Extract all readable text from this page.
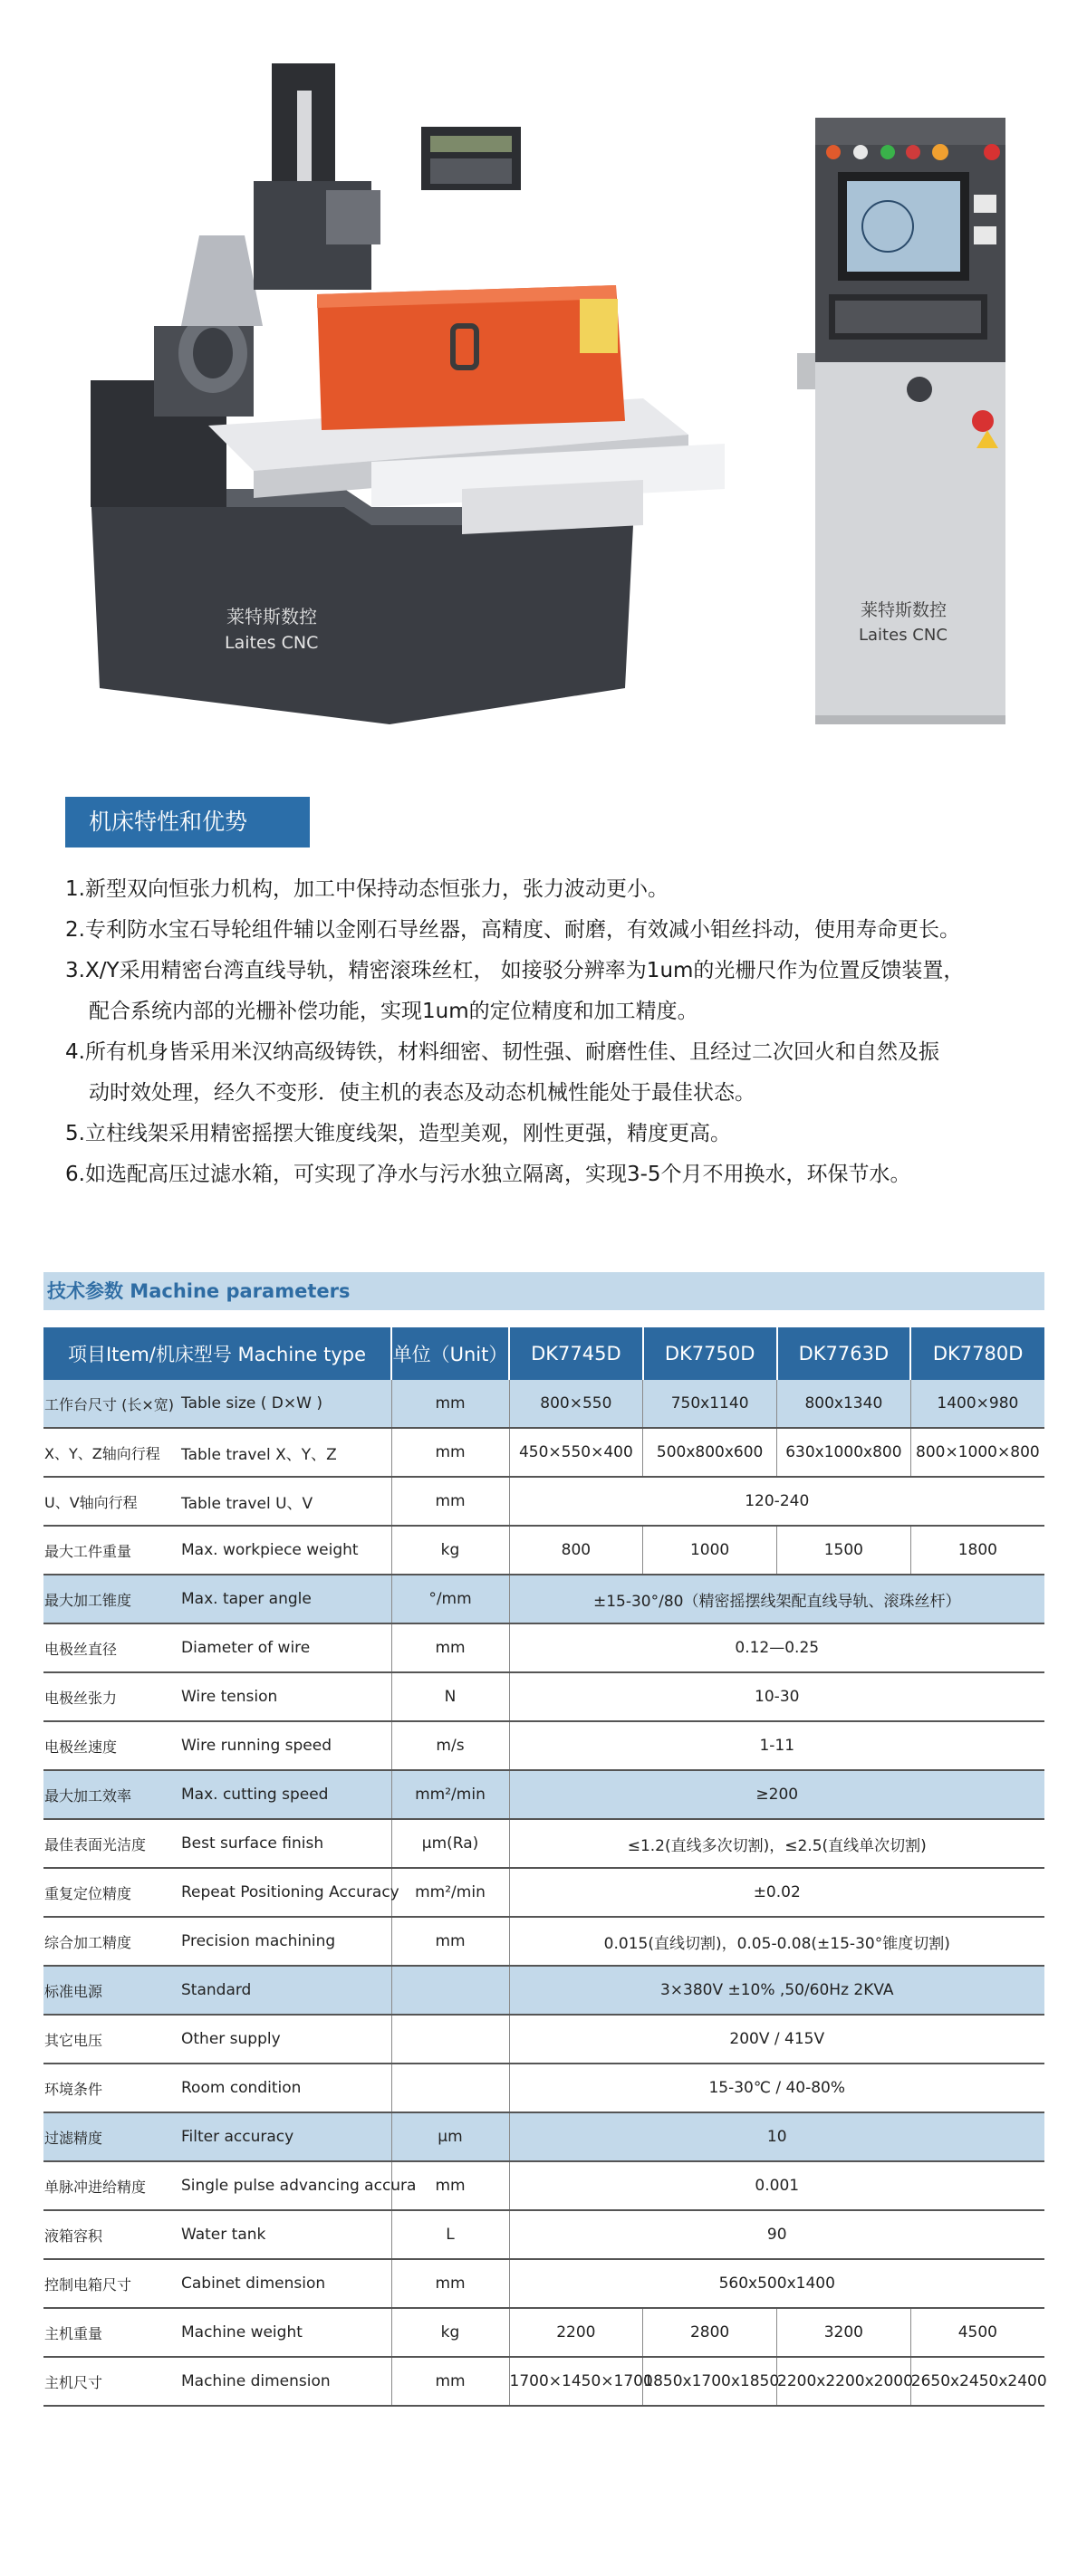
莱特斯数控
Laites CNC
莱特斯数控
Laites CNC
机床特性和优势
1.新型双向恒张力机构，加工中保持动态恒张力，张力波动更小。
2.专利防水宝石导轮组件辅以金刚石导丝器，高精度、耐磨，有效减小钼丝抖动，使用寿命更长。
3.X/Y采用精密台湾直线导轨，精密滚珠丝杠， 如接驳分辨率为1um的光栅尺作为位置反馈装置，
配合系统内部的光栅补偿功能，实现1um的定位精度和加工精度。
4.所有机身皆采用米汉纳高级铸铁，材料细密、韧性强、耐磨性佳、且经过二次回火和自然及振
动时效处理，经久不变形．使主机的表态及动态机械性能处于最佳状态。
5.立柱线架采用精密摇摆大锥度线架，造型美观，刚性更强，精度更高。
6.如选配高压过滤水箱，可实现了净水与污水独立隔离，实现3-5个月不用换水，环保节水。
技术参数 Machine parameters
项目Item/机床型号 Machine type		单位（Unit）	DK7745D	DK7750D	DK7763D	DK7780D
工作台尺寸 (长×宽)	Table size ( D×W )	mm	800×550	750x1140	800x1340	1400×980
X、Y、Z轴向行程	Table travel X、Y、Z	mm	450×550×400	500x800x600	630x1000x800	800×1000×800
U、V轴向行程	Table travel U、V	mm	120-240			
最大工件重量	Max. workpiece weight	kg	800	1000	1500	1800
最大加工锥度	Max. taper angle	°/mm	±15-30°/80（精密摇摆线架配直线导轨、滚珠丝杆）			
电极丝直径	Diameter of wire	mm	0.12—0.25			
电极丝张力	Wire tension	N	10-30			
电极丝速度	Wire running speed	m/s	1-11			
最大加工效率	Max. cutting speed	mm²/min	≥200			
最佳表面光洁度	Best surface finish	μm(Ra)	≤1.2(直线多次切割)，≤2.5(直线单次切割)			
重复定位精度	Repeat Positioning Accuracy	mm²/min	±0.02			
综合加工精度	Precision machining	mm	0.015(直线切割)，0.05-0.08(±15-30°锥度切割)			
标准电源	Standard		3×380V ±10% ,50/60Hz 2KVA			
其它电压	Other supply		200V / 415V			
环境条件	Room condition		15-30℃ / 40-80%			
过滤精度	Filter accuracy	μm	10			
单脉冲进给精度	Single pulse advancing accura	mm	0.001			
液箱容积	Water tank	L	90			
控制电箱尺寸	Cabinet dimension	mm	560x500x1400			
主机重量	Machine weight	kg	2200	2800	3200	4500
主机尺寸	Machine dimension	mm	1700×1450×1700	1850x1700x1850	2200x2200x2000	2650x2450x2400
